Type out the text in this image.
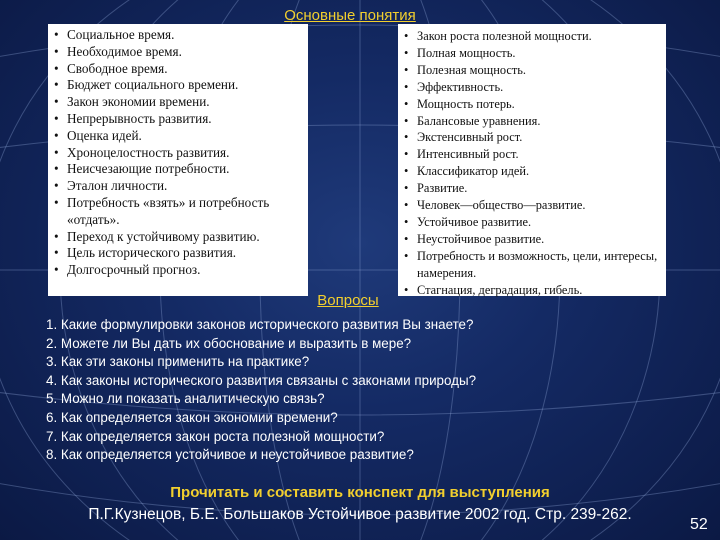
Основные понятия
• Социальное время.
• Необходимое время.
• Свободное время.
• Бюджет социального времени.
• Закон экономии времени.
• Непрерывность развития.
• Оценка идей.
• Хроноцелостность развития.
• Неисчезающие потребности.
• Эталон личности.
• Потребность «взять» и потребность «отдать».
• Переход к устойчивому развитию.
• Цель исторического развития.
• Долгосрочный прогноз.
• Закон роста полезной мощности.
• Полная мощность.
• Полезная мощность.
• Эффективность.
• Мощность потерь.
• Балансовые уравнения.
• Экстенсивный рост.
• Интенсивный рост.
• Классификатор идей.
• Развитие.
• Человек—общество—развитие.
• Устойчивое развитие.
• Неустойчивое развитие.
• Потребность и возможность, цели, интересы, намерения.
• Стагнация, деградация, гибель.
Вопросы
1. Какие формулировки законов исторического развития Вы знаете?
2. Можете ли Вы дать их обоснование и выразить в мере?
3. Как эти законы применить на практике?
4. Как законы исторического развития связаны с законами природы?
5. Можно ли показать аналитическую связь?
6. Как определяется закон экономии времени?
7. Как определяется закон роста полезной мощности?
8. Как определяется устойчивое и неустойчивое развитие?
Прочитать и составить конспект для выступления
П.Г.Кузнецов, Б.Е. Большаков Устойчивое развитие 2002 год. Стр. 239-262.
52
